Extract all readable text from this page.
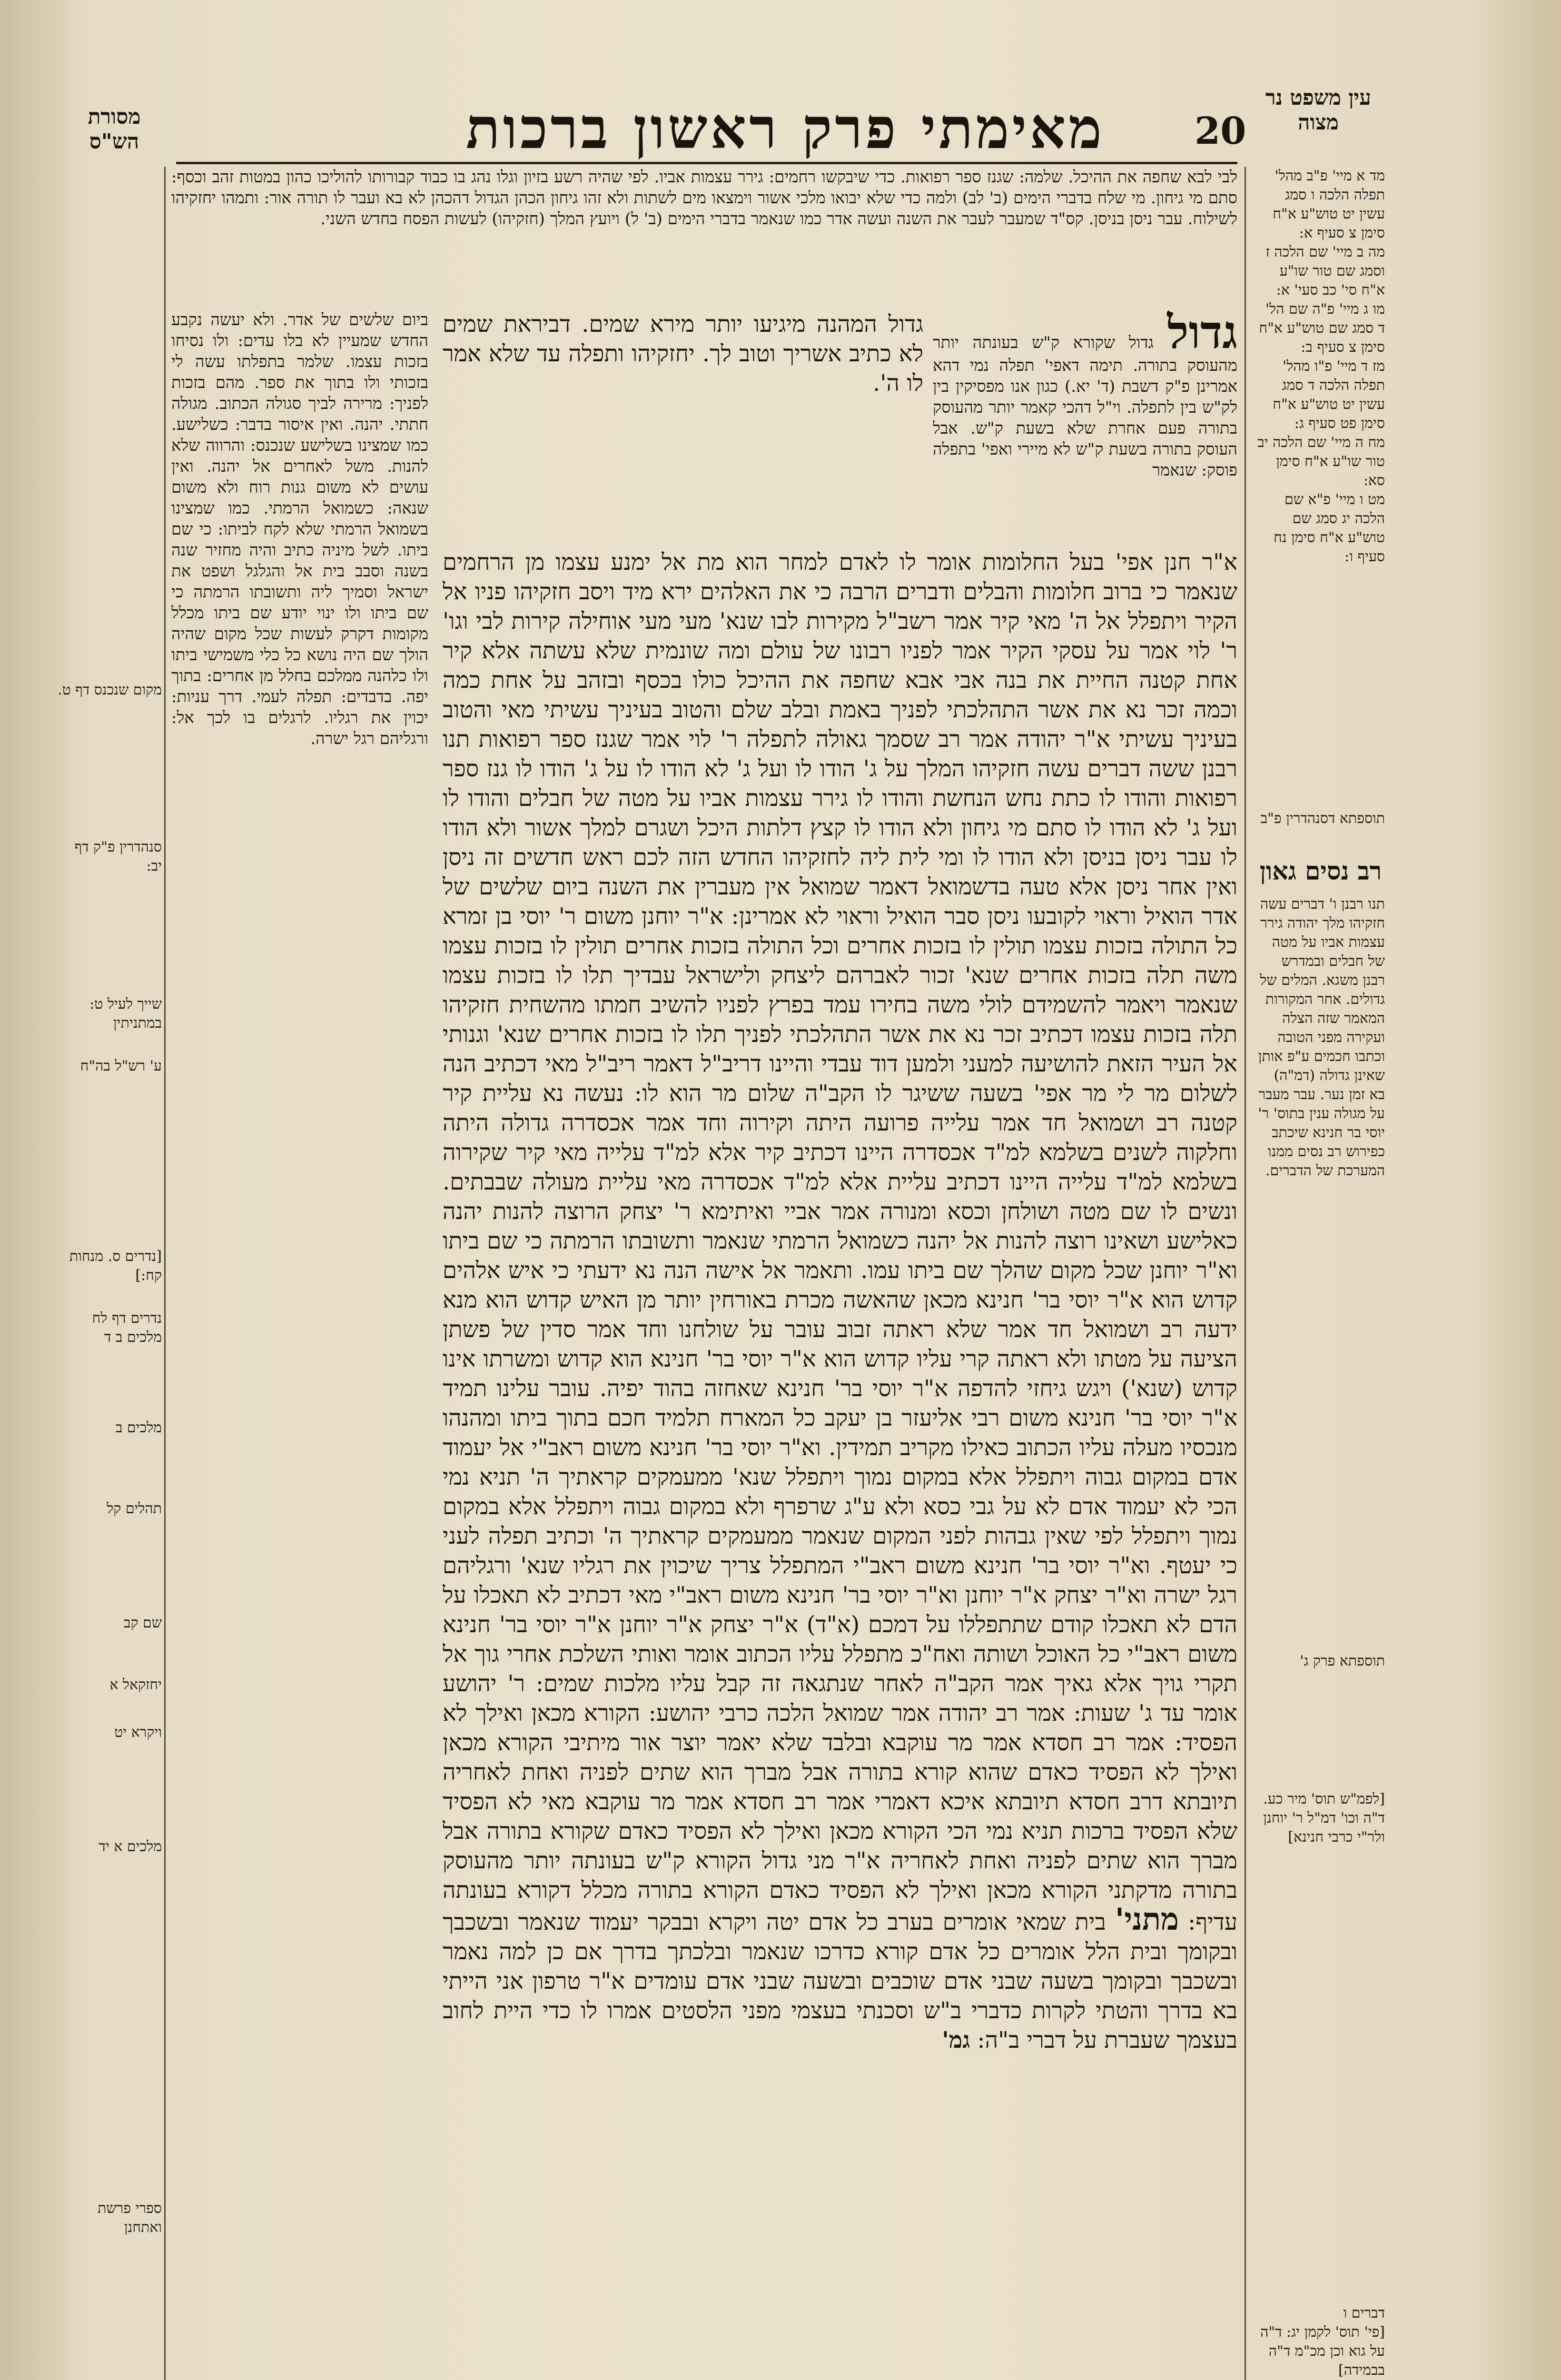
20
מאימתי פרק ראשון ברכות	עין משפט נר מצוה
מסורת הש"ס
לבי לבא שחפה את ההיכל. שלמה: שגנז ספר רפואות. כדי שיבקשו רחמים: גירר עצמות אביו. לפי שהיה רשע בזיון וגלו נהג בו כבוד קבורותו להוליכו כהון במטות זהב וכסף: סתם מי גיחון. מי שלח בדברי הימים (ב' לב) ולמה כדי שלא יבואו מלכי אשור וימצאו מים לשתות ולא זהו גיחון הכהן הגדול דהכהן לא בא ועבר לו תורה אור: ותמהו יחזקיהו לשילוח. עבר ניסן בניסן. קס"ד שמעבר לעבר את השנה ועשה אדר כמו שנאמר בדברי הימים (ב' ל) ויועץ המלך (חזקיהו) לעשות הפסח בחדש השני.
ביום שלשים של אדר. ולא יעשה נקבע החדש שמעיין לא בלו עדים: ולו נסיחו בזכות עצמו. שלמר בתפלתו עשה לי בזכותי ולו בתוך את ספר. מהם בזכות לפניך: מרירה לביך סגולה הכתוב. מגולה חתתי. יהנה. ואין איסור בדבר: כשלישע. כמו שמצינו בשלישע שנכנס: והרווה שלא להנות. משל לאחרים אל יהנה. ואין עושים לא משום גנות רוח ולא משום שנאה: כשמואל הרמתי. כמו שמצינו בשמואל הרמתי שלא לקח לביתו: כי שם ביתו. לשל מיניה כתיב והיה מחזיר שנה בשנה וסבב בית אל והגלגל ושפט את ישראל וסמיך ליה ותשובתו הרמתה כי שם ביתו ולו ינוי יודע שם ביתו מכלל מקומות דקרק לעשות שכל מקום שהיה הולך שם היה נושא כל כלי משמישי ביתו ולו כלהנה ממלכם בחלל מן אחרים: בתוך יפה. בדבדים: תפלה לעמי. דרך עניות: יכוין את רגליו. לרגלים בו לכך אל: ורגליהם רגל ישרה.
גדול גדול שקורא ק"ש בעונתה יותר מהעוסק בתורה. תימה דאפי' תפלה נמי דהא אמרינן פ"ק דשבת (ד' יא.) כגון אנו מפסיקין בין לק"ש בין לתפלה. וי"ל דהכי קאמר יותר מהעוסק בתורה פעם אחרת שלא בשעת ק"ש. אבל העוסק בתורה בשעת ק"ש לא מיירי ואפי' בתפלה פוסק: שנאמר
גדול המהנה מיגיעו יותר מירא שמים. דביראת שמים לא כתיב אשריך וטוב לך. יחזקיהו ותפלה עד שלא אמר לו ה'.
א"ר חנן אפי' בעל החלומות אומר לו לאדם למחר הוא מת אל ימנע עצמו מן הרחמים שנאמר כי ברוב חלומות והבלים ודברים הרבה כי את האלהים ירא מיד ויסב חזקיהו פניו אל הקיר ויתפלל אל ה' מאי קיר אמר רשב"ל מקירות לבו שנא' מעי מעי אוחילה קירות לבי וגו' ר' לוי אמר על עסקי הקיר אמר לפניו רבונו של עולם ומה שונמית שלא עשתה אלא קיר אחת קטנה החיית את בנה אבי אבא שחפה את ההיכל כולו בכסף ובזהב על אחת כמה וכמה זכר נא את אשר התהלכתי לפניך באמת ובלב שלם והטוב בעיניך עשיתי מאי והטוב בעיניך עשיתי א"ר יהודה אמר רב שסמך גאולה לתפלה ר' לוי אמר שגנז ספר רפואות תנו רבנן ששה דברים עשה חזקיהו המלך על ג' הודו לו ועל ג' לא הודו לו על ג' הודו לו גנז ספר רפואות והודו לו כתת נחש הנחשת והודו לו גירר עצמות אביו על מטה של חבלים והודו לו ועל ג' לא הודו לו סתם מי גיחון ולא הודו לו קצץ דלתות היכל ושגרם למלך אשור ולא הודו לו עבר ניסן בניסן ולא הודו לו ומי לית ליה לחזקיהו החדש הזה לכם ראש חדשים זה ניסן ואין אחר ניסן אלא טעה בדשמואל דאמר שמואל אין מעברין את השנה ביום שלשים של אדר הואיל וראוי לקובעו ניסן סבר הואיל וראוי לא אמרינן: א"ר יוחנן משום ר' יוסי בן זמרא כל התולה בזכות עצמו תולין לו בזכות אחרים וכל התולה בזכות אחרים תולין לו בזכות עצמו משה תלה בזכות אחרים שנא' זכור לאברהם ליצחק ולישראל עבדיך תלו לו בזכות עצמו שנאמר ויאמר להשמידם לולי משה בחירו עמד בפרץ לפניו להשיב חמתו מהשחית חזקיהו תלה בזכות עצמו דכתיב זכר נא את אשר התהלכתי לפניך תלו לו בזכות אחרים שנא' וגנותי אל העיר הזאת להושיעה למעני ולמען דוד עבדי והיינו דריב"ל דאמר ריב"ל מאי דכתיב הנה לשלום מר לי מר אפי' בשעה ששיגר לו הקב"ה שלום מר הוא לו: נעשה נא עליית קיר קטנה רב ושמואל חד אמר עלייה פרועה היתה וקירוה וחד אמר אכסדרה גדולה היתה וחלקוה לשנים בשלמא למ"ד אכסדרה היינו דכתיב קיר אלא למ"ד עלייה מאי קיר שקירוה בשלמא למ"ד עלייה היינו דכתיב עליית אלא למ"ד אכסדרה מאי עליית מעולה שבבתים. ונשים לו שם מטה ושולחן וכסא ומנורה אמר אביי ואיתימא ר' יצחק הרוצה להנות יהנה כאלישע ושאינו רוצה להנות אל יהנה כשמואל הרמתי שנאמר ותשובתו הרמתה כי שם ביתו וא"ר יוחנן שכל מקום שהלך שם ביתו עמו. ותאמר אל אישה הנה נא ידעתי כי איש אלהים קדוש הוא א"ר יוסי בר' חנינא מכאן שהאשה מכרת באורחין יותר מן האיש קדוש הוא מנא ידעה רב ושמואל חד אמר שלא ראתה זבוב עובר על שולחנו וחד אמר סדין של פשתן הציעה על מטתו ולא ראתה קרי עליו קדוש הוא א"ר יוסי בר' חנינא הוא קדוש ומשרתו אינו קדוש (שנא') ויגש גיחזי להדפה א"ר יוסי בר' חנינא שאחזה בהוד יפיה. עובר עלינו תמיד א"ר יוסי בר' חנינא משום רבי אליעזר בן יעקב כל המארח תלמיד חכם בתוך ביתו ומהנהו מנכסיו מעלה עליו הכתוב כאילו מקריב תמידין. וא"ר יוסי בר' חנינא משום ראב"י אל יעמוד אדם במקום גבוה ויתפלל אלא במקום נמוך ויתפלל שנא' ממעמקים קראתיך ה' תניא נמי הכי לא יעמוד אדם לא על גבי כסא ולא ע"ג שרפרף ולא במקום גבוה ויתפלל אלא במקום נמוך ויתפלל לפי שאין גבהות לפני המקום שנאמר ממעמקים קראתיך ה' וכתיב תפלה לעני כי יעטף. וא"ר יוסי בר' חנינא משום ראב"י המתפלל צריך שיכוין את רגליו שנא' ורגליהם רגל ישרה וא"ר יצחק א"ר יוחנן וא"ר יוסי בר' חנינא משום ראב"י מאי דכתיב לא תאכלו על הדם לא תאכלו קודם שתתפללו על דמכם (א"ד) א"ר יצחק א"ר יוחנן א"ר יוסי בר' חנינא משום ראב"י כל האוכל ושותה ואח"כ מתפלל עליו הכתוב אומר ואותי השלכת אחרי גוך אל תקרי גויך אלא גאיך אמר הקב"ה לאחר שנתגאה זה קבל עליו מלכות שמים: ר' יהושע אומר עד ג' שעות: אמר רב יהודה אמר שמואל הלכה כרבי יהושע: הקורא מכאן ואילך לא הפסיד: אמר רב חסדא אמר מר עוקבא ובלבד שלא יאמר יוצר אור מיתיבי הקורא מכאן ואילך לא הפסיד כאדם שהוא קורא בתורה אבל מברך הוא שתים לפניה ואחת לאחריה תיובתא דרב חסדא תיובתא איכא דאמרי אמר רב חסדא אמר מר עוקבא מאי לא הפסיד שלא הפסיד ברכות תניא נמי הכי הקורא מכאן ואילך לא הפסיד כאדם שקורא בתורה אבל מברך הוא שתים לפניה ואחת לאחריה א"ר מני גדול הקורא ק"ש בעונתה יותר מהעוסק בתורה מדקתני הקורא מכאן ואילך לא הפסיד כאדם הקורא בתורה מכלל דקורא בעונתה עדיף: מתני' בית שמאי אומרים בערב כל אדם יטה ויקרא ובבקר יעמוד שנאמר ובשכבך ובקומך ובית הלל אומרים כל אדם קורא כדרכו שנאמר ובלכתך בדרך אם כן למה נאמר ובשכבך ובקומך בשעה שבני אדם שוכבים ובשעה שבני אדם עומדים א"ר טרפון אני הייתי בא בדרך והטתי לקרות כדברי ב"ש וסכנתי בעצמי מפני הלסטים אמרו לו כדי היית לחוב בעצמך שעברת על דברי ב"ה: גמ'
מד א מיי' פ"ב מהל' תפלה הלכה ו סמג עשין יט טוש"ע א"ח סימן צ סעיף א:
מה ב מיי' שם הלכה ז וסמג שם טור שו"ע א"ח סי' כב סעי' א:
מו ג מיי' פ"ה שם הל' ד סמג שם טוש"ע א"ח סימן צ סעיף ב:
מז ד מיי' פ"ו מהל' תפלה הלכה ד סמג עשין יט טוש"ע א"ח סימן פט סעיף ג:
מח ה מיי' שם הלכה יב טור שו"ע א"ח סימן סא:
מט ו מיי' פ"א שם הלכה יג סמג שם טוש"ע א"ח סימן נח סעיף ו:
תוספתא דסנהדרין פ"ב
רב נסים גאון
תנו רבנן ו' דברים עשה חזקיהו מלך יהודה גירר עצמות אביו על מטה של חבלים ובמדרש רבנן משגא. המלים של גדולים. אחר המקורות המאמר שזה הצלה ועקירה מפני הטובה וכתבו חכמים ע"פ אותן שאינן גדולה (דמ"ה) בא זמן נער. עבר מעבר על מגולה ענין בתוס' ר' יוסי בר חנינא שיכתב כפירוש רב נסים ממנו המערכת של הדברים.
תוספתא פרק ג'
[לפמ"ש תוס' מיר כע. ד"ה וכו' דמ"ל ר' יוחנן ולר"י כרבי חנינא]
דברים ו
[פי' תוס' לקמן יג: ד"ה על גוא וכן מכ"מ ד"ה בבמידה]
מקום שנכנס דף ט.
סנהדרין פ"ק דף יב:
שייך לעיל ט: במתניתין
ע' רש"ל בה"ח
[נדרים ס. מנחות קח:]
נדרים דף לח מלכים ב ד
מלכים ב
תהלים קל
שם קב
יחזקאל א
ויקרא יט
מלכים א יד
ספרי פרשת ואתחנן
